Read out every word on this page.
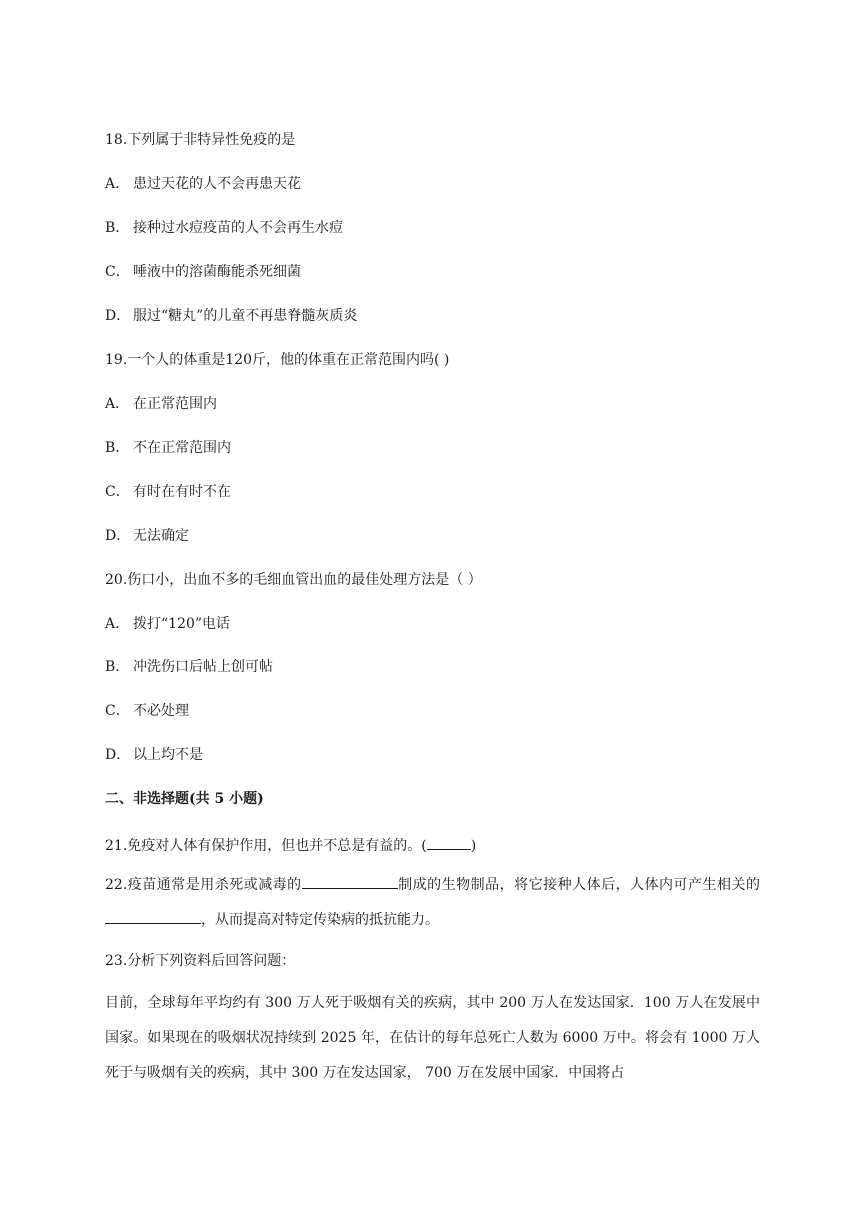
18.下列属于非特异性免疫的是
A． 患过天花的人不会再患天花
B． 接种过水痘疫苗的人不会再生水痘
C． 唾液中的溶菌酶能杀死细菌
D． 服过“糖丸”的儿童不再患脊髓灰质炎
19.一个人的体重是120斤，他的体重在正常范围内吗( )
A． 在正常范围内
B． 不在正常范围内
C． 有时在有时不在
D． 无法确定
20.伤口小，出血不多的毛细血管出血的最佳处理方法是（ ）
A． 拨打“120”电话
B． 冲洗伤口后帖上创可帖
C． 不必处理
D． 以上均不是
二、非选择题(共 5 小题)
21.免疫对人体有保护作用，但也并不总是有益的。(	)
22.疫苗通常是用杀死或减毒的	制成的生物制品，将它接种人体后，人体内可产生相关的，从而提高对特定传染病的抵抗能力。
23.分析下列资料后回答问题：
目前，全球每年平均约有 300 万人死于吸烟有关的疾病，其中 200 万人在发达国家．100 万人在发展中国家。如果现在的吸烟状况持续到 2025 年，在估计的每年总死亡人数为 6000 万中。将会有 1000 万人死于与吸烟有关的疾病，其中 300 万在发达国家， 700 万在发展中国家．中国将占
